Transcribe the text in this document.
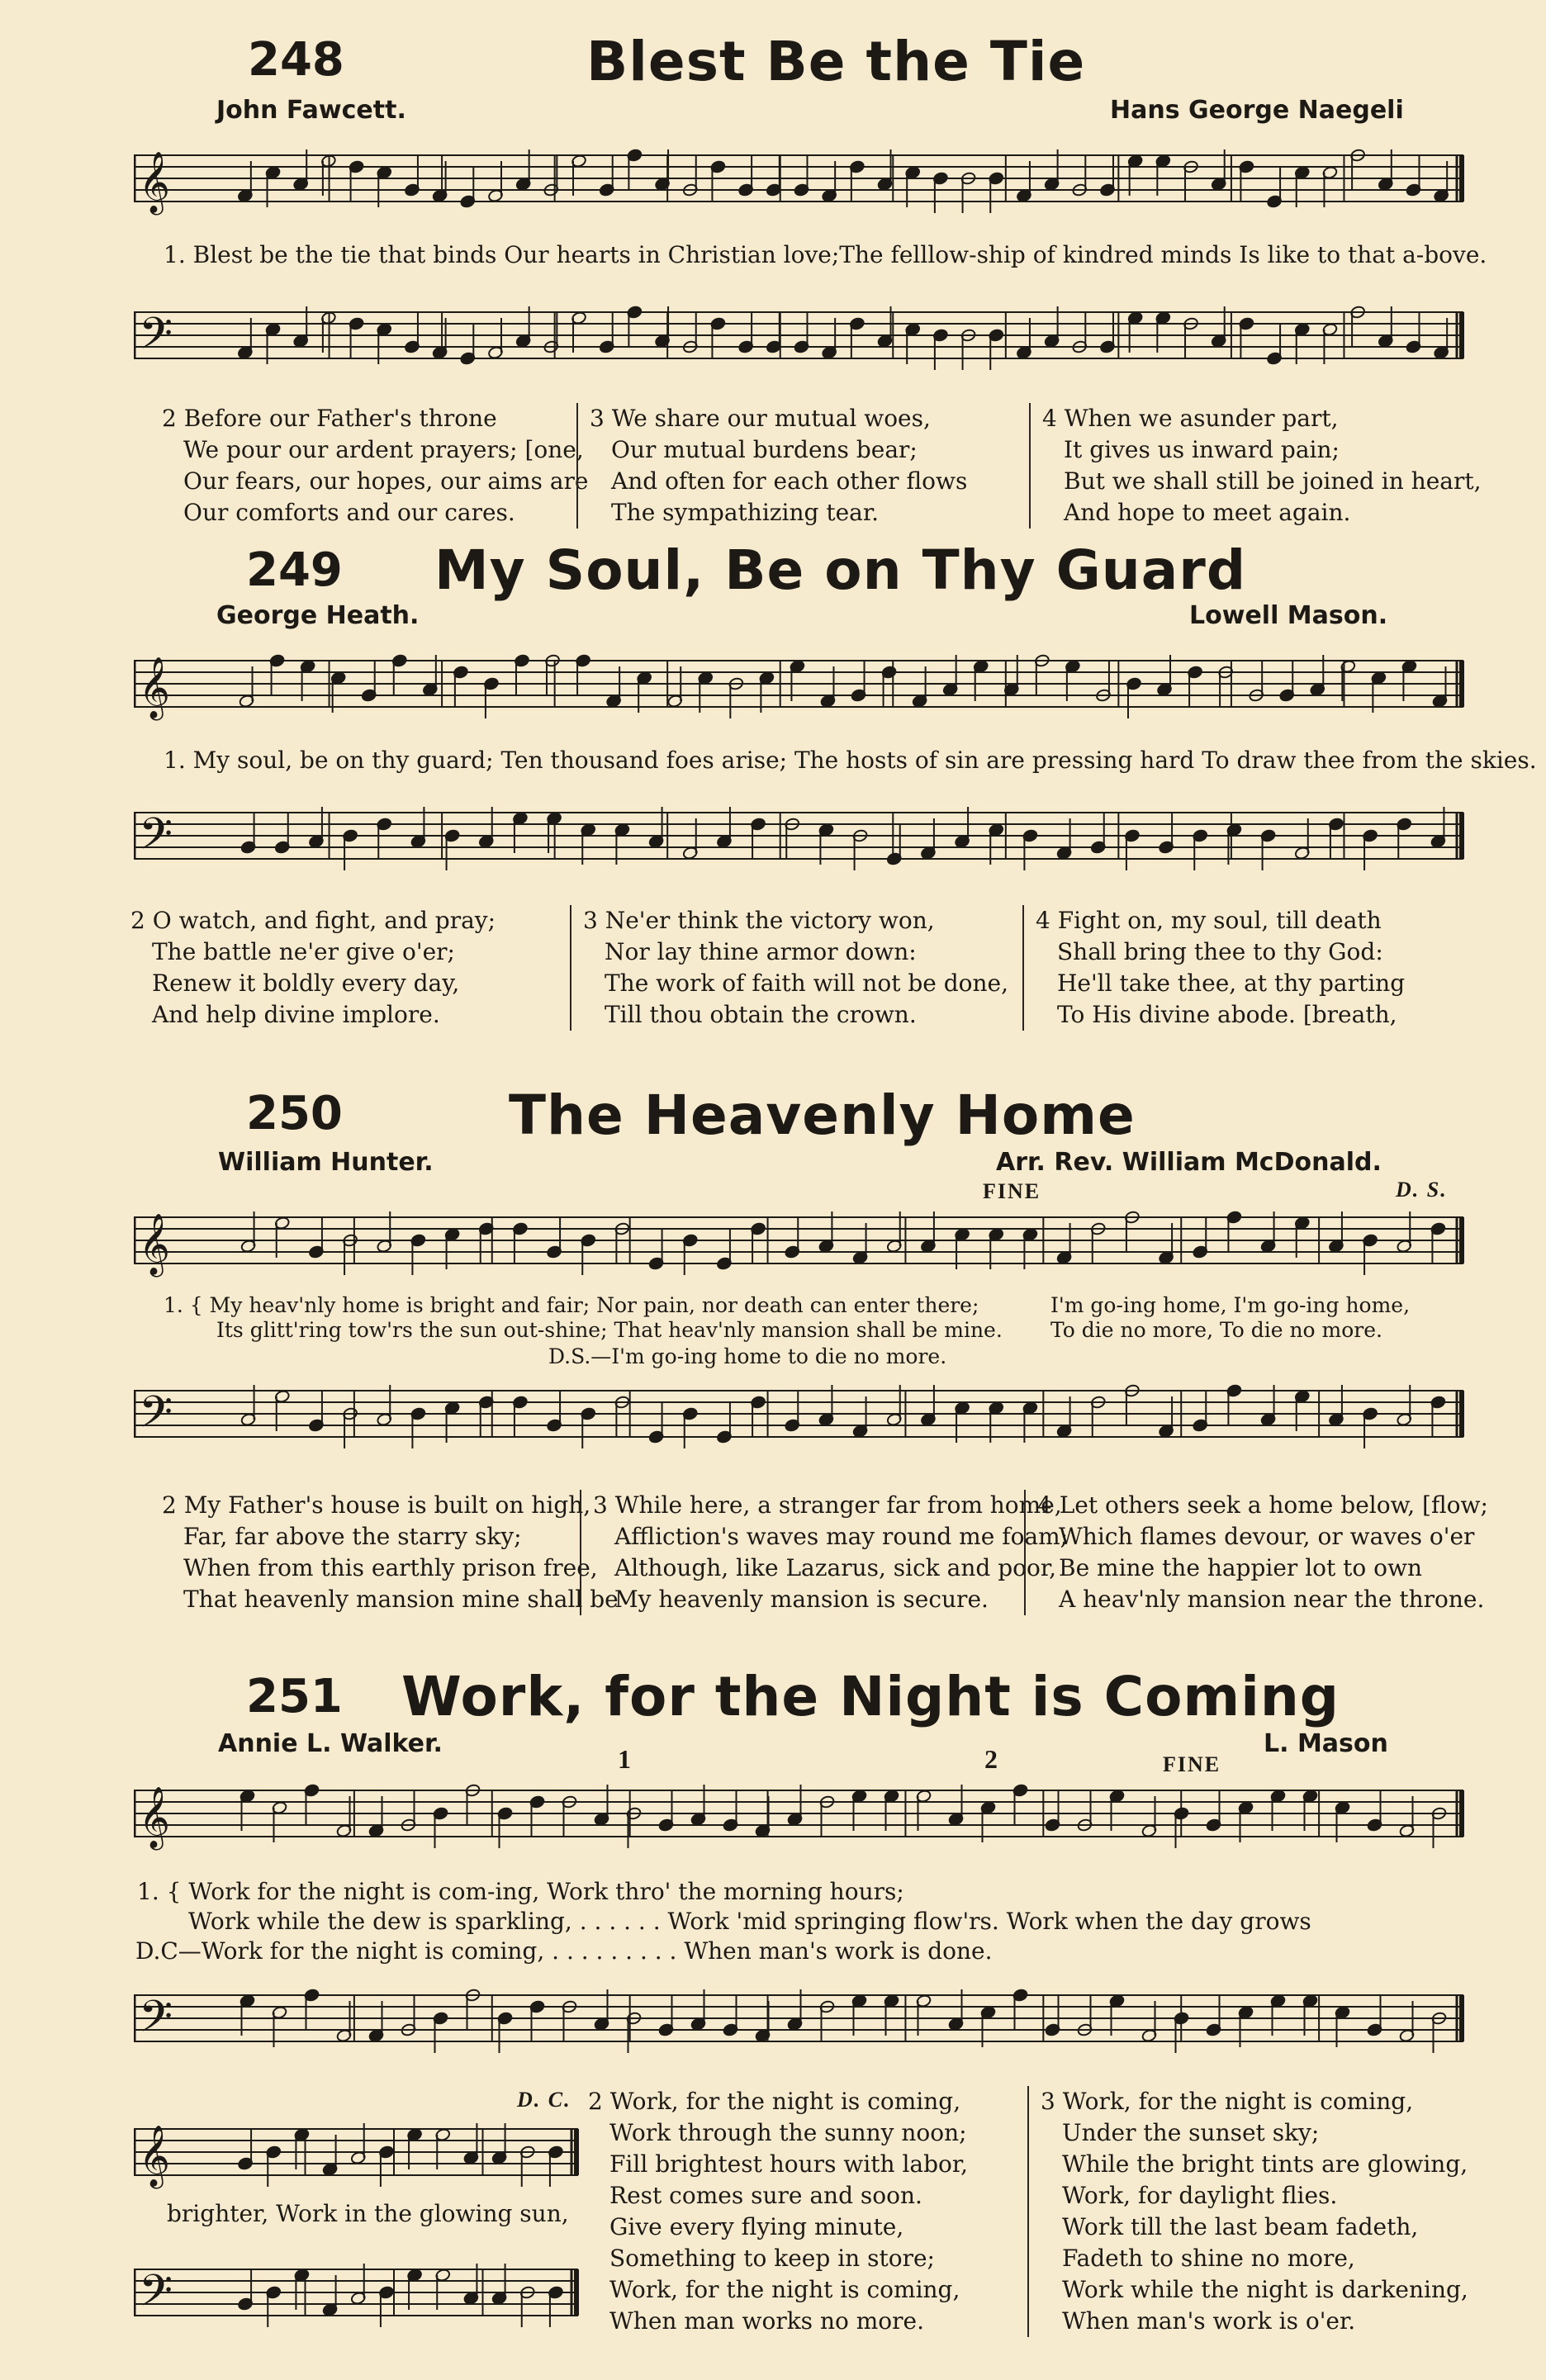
248	Blest Be the Tie
John Fawcett.	Hans George Naegeli
𝄞
1. Blest be the tie that binds Our hearts in Christian love;The felllow-ship of kindred minds Is like to that a-bove.
𝄢
2 Before our Father's throne
We pour our ardent prayers; [one,
Our fears, our hopes, our aims are
Our comforts and our cares.
3 We share our mutual woes,
Our mutual burdens bear;
And often for each other flows
The sympathizing tear.
4 When we asunder part,
It gives us inward pain;
But we shall still be joined in heart,
And hope to meet again.
249 My Soul, Be on Thy Guard
George Heath.	Lowell Mason.
𝄞
1. My soul, be on thy guard; Ten thousand foes arise; The hosts of sin are pressing hard To draw thee from the skies.
𝄢
2 O watch, and fight, and pray;
The battle ne'er give o'er;
Renew it boldly every day,
And help divine implore.
3 Ne'er think the victory won,
Nor lay thine armor down:
The work of faith will not be done,
Till thou obtain the crown.
4 Fight on, my soul, till death
Shall bring thee to thy God:
He'll take thee, at thy parting
To His divine abode. [breath,
250	The Heavenly Home
William Hunter.	Arr. Rev. William McDonald.
FINE	D. S.
𝄞
1. { My heav'nly home is bright and fair; Nor pain, nor death can enter there;
Its glitt'ring tow'rs the sun out-shine; That heav'nly mansion shall be mine.
I'm go-ing home, I'm go-ing home,
To die no more, To die no more.
D.S.—I'm go-ing home to die no more.
𝄢
2 My Father's house is built on high,
Far, far above the starry sky;
When from this earthly prison free,
That heavenly mansion mine shall be
3 While here, a stranger far from home,
Affliction's waves may round me foam;
Although, like Lazarus, sick and poor,
My heavenly mansion is secure.
4 Let others seek a home below, [flow;
Which flames devour, or waves o'er
Be mine the happier lot to own
A heav'nly mansion near the throne.
251 Work, for the Night is Coming
Annie L. Walker.	L. Mason
1	2	FINE
𝄞
1. { Work for the night is com-ing, Work thro' the morning hours;
Work while the dew is sparkling, . . . . . . Work 'mid springing flow'rs. Work when the day grows
D.C—Work for the night is coming, . . . . . . . . . When man's work is done.
𝄢
D. C.
𝄞
brighter, Work in the glowing sun,
𝄢
2 Work, for the night is coming,
Work through the sunny noon;
Fill brightest hours with labor,
Rest comes sure and soon.
Give every flying minute,
Something to keep in store;
Work, for the night is coming,
When man works no more.
3 Work, for the night is coming,
Under the sunset sky;
While the bright tints are glowing,
Work, for daylight flies.
Work till the last beam fadeth,
Fadeth to shine no more,
Work while the night is darkening,
When man's work is o'er.
